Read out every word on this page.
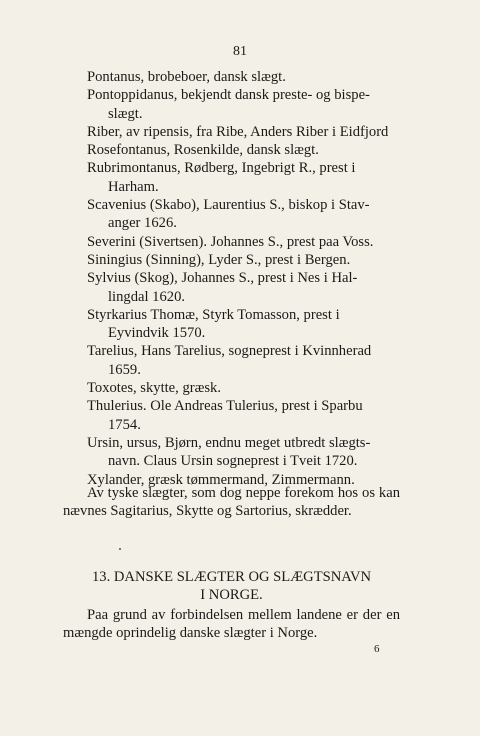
81
Pontanus, brobeboer, dansk slægt.
Pontoppidanus, bekjendt dansk preste- og bispe-
slægt.
Riber, av ripensis, fra Ribe, Anders Riber i Eidfjord
Rosefontanus, Rosenkilde, dansk slægt.
Rubrimontanus, Rødberg, Ingebrigt R., prest i
Harham.
Scavenius (Skabo), Laurentius S., biskop i Stav-
anger 1626.
Severini (Sivertsen). Johannes S., prest paa Voss.
Siningius (Sinning), Lyder S., prest i Bergen.
Sylvius (Skog), Johannes S., prest i Nes i Hal-
lingdal 1620.
Styrkarius Thomæ, Styrk Tomasson, prest i
Eyvindvik 1570.
Tarelius, Hans Tarelius, sogneprest i Kvinnherad
1659.
Toxotes, skytte, græsk.
Thulerius. Ole Andreas Tulerius, prest i Sparbu
1754.
Ursin, ursus, Bjørn, endnu meget utbredt slægts-
navn. Claus Ursin sogneprest i Tveit 1720.
Xylander, græsk tømmermand, Zimmermann.
Av tyske slægter, som dog neppe forekom hos os kan nævnes Sagitarius, Skytte og Sartorius, skrædder.
13. DANSKE SLÆGTER OG SLÆGTSNAVN
I NORGE.
Paa grund av forbindelsen mellem landene er der en mængde oprindelig danske slægter i Norge.
6
